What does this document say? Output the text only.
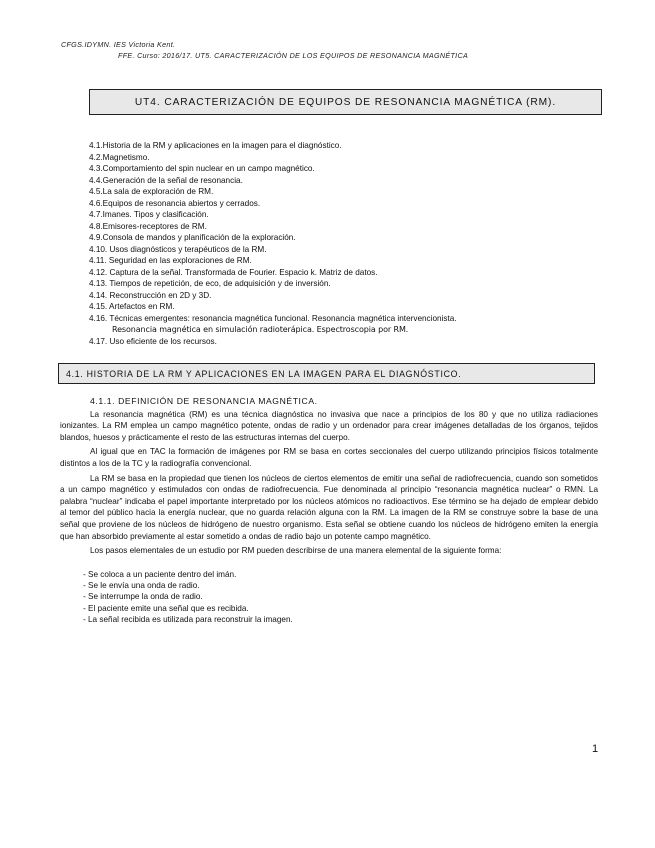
CFGS.IDYMN. IES Victoria Kent.
FFE. Curso: 2016/17. UT5. CARACTERIZACIÓN DE LOS EQUIPOS DE RESONANCIA MAGNÉTICA
UT4. CARACTERIZACIÓN DE EQUIPOS DE RESONANCIA MAGNÉTICA (RM).
4.1.Historia de la RM y aplicaciones en la imagen para el diagnóstico.
4.2.Magnetismo.
4.3.Comportamiento del spin nuclear en un campo magnético.
4.4.Generación de la señal de resonancia.
4.5.La sala de exploración de RM.
4.6.Equipos de resonancia abiertos y cerrados.
4.7.Imanes. Tipos y clasificación.
4.8.Emisores-receptores de RM.
4.9.Consola de mandos y planificación de la exploración.
4.10. Usos diagnósticos y terapéuticos de la RM.
4.11. Seguridad en las exploraciones de RM.
4.12. Captura de la señal. Transformada de Fourier. Espacio k. Matriz de datos.
4.13. Tiempos de repetición, de eco, de adquisición y de inversión.
4.14. Reconstrucción en 2D y 3D.
4.15. Artefactos en RM.
4.16. Técnicas emergentes: resonancia magnética funcional. Resonancia magnética intervencionista.
Resonancia magnética en simulación radioterápica. Espectroscopia por RM.
4.17. Uso eficiente de los recursos.
4.1. HISTORIA DE LA RM Y APLICACIONES EN LA IMAGEN PARA EL DIAGNÓSTICO.
4.1.1. DEFINICIÓN DE RESONANCIA MAGNÉTICA.

La resonancia magnética (RM) es una técnica diagnóstica no invasiva que nace a principios de los 80 y que no utiliza radiaciones ionizantes. La RM emplea un campo magnético potente, ondas de radio y un ordenador para crear imágenes detalladas de los órganos, tejidos blandos, huesos y prácticamente el resto de las estructuras internas del cuerpo.

Al igual que en TAC la formación de imágenes por RM se basa en cortes seccionales del cuerpo utilizando principios físicos totalmente distintos a los de la TC y la radiografía convencional.

La RM se basa en la propiedad que tienen los núcleos de ciertos elementos de emitir una señal de radiofrecuencia, cuando son sometidos a un campo magnético y estimulados con ondas de radiofrecuencia. Fue denominada al principio “resonancia magnética nuclear” o RMN. La palabra “nuclear” indicaba el papel importante interpretado por los núcleos atómicos no radioactivos. Ese término se ha dejado de emplear debido al temor del público hacia la energía nuclear, que no guarda relación alguna con la RM. La imagen de la RM se construye sobre la base de una señal que proviene de los núcleos de hidrógeno de nuestro organismo. Esta señal se obtiene cuando los núcleos de hidrógeno emiten la energía que han absorbido previamente al estar sometido a ondas de radio bajo un potente campo magnético.

Los pasos elementales de un estudio por RM pueden describirse de una manera elemental de la siguiente forma:

- Se coloca a un paciente dentro del imán.
- Se le envía una onda de radio.
- Se interrumpe la onda de radio.
- El paciente emite una señal que es recibida.
- La señal recibida es utilizada para reconstruir la imagen.
1
